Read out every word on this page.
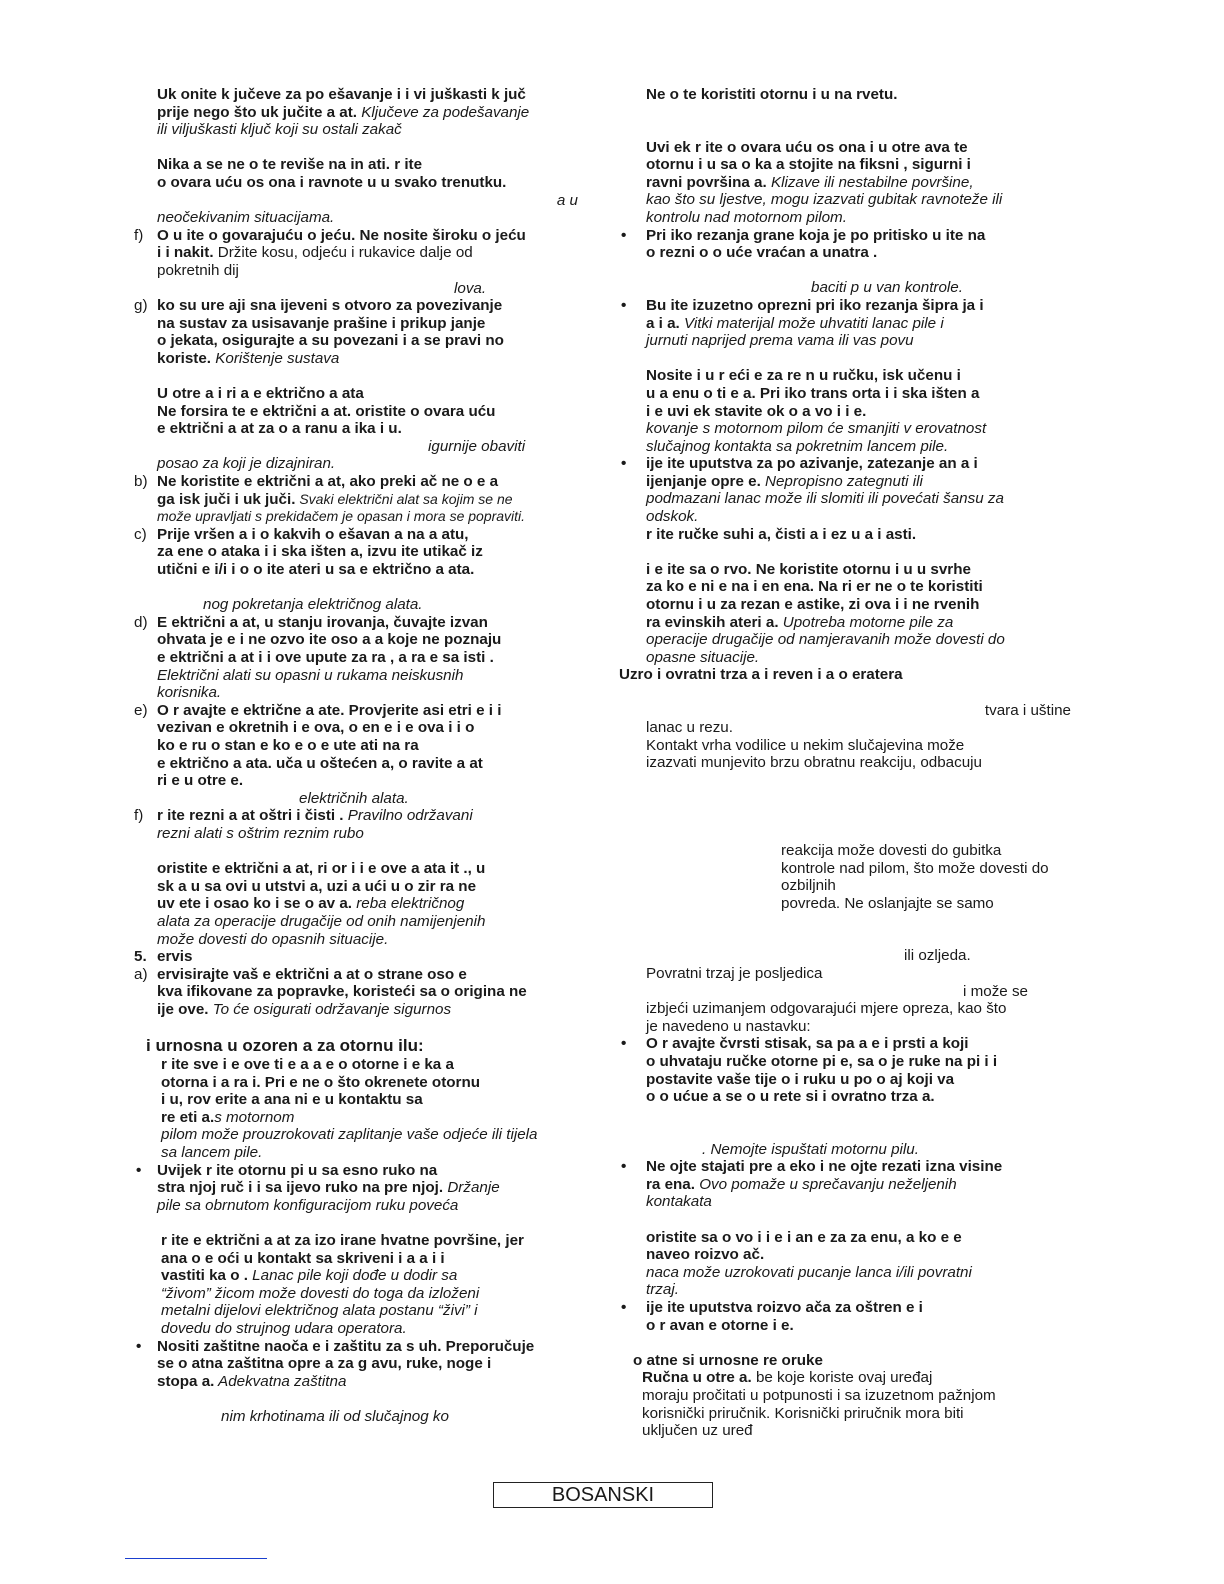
Uk onite k jučeve za po ešavanje i i vi juškasti k juč
prije nego što uk jučite a at. Ključeve za podešavanje
ili viljuškasti ključ koji su ostali zakač
Nika a se ne o te reviše na in ati. r ite
o ovara uću os ona i ravnote u u svako trenutku.
a u
neočekivanim situacijama.
f) O u ite o govarajuću o jeću. Ne nosite široku o jeću
i i nakit. Držite kosu, odjeću i rukavice dalje od
pokretnih dij
lova.
g) ko su ure aji sna ijeveni s otvoro za povezivanje
na sustav za usisavanje prašine i prikup janje
o jekata, osigurajte a su povezani i a se pravi no
koriste. Korištenje sustava
U otre a i ri a e ektrično a ata
Ne forsira te e ektrični a at. oristite o ovara uću
e ektrični a at za o a ranu a ika i u.
igurnije obaviti
posao za koji je dizajniran.
b) Ne koristite e ektrični a at, ako preki ač ne o e a
ga isk juči i uk juči. Svaki električni alat sa kojim se ne
može upravljati s prekidačem je opasan i mora se popraviti.
c) Prije vršen a i o kakvih o ešavan a na a atu,
za ene o ataka i i ska išten a, izvu ite utikač iz
utični e i/i i o o ite ateri u sa e ektrično a ata.
nog pokretanja električnog alata.
d) E ektrični a at, u stanju irovanja, čuvajte izvan
ohvata je e i ne ozvo ite oso a a koje ne poznaju
e ektrični a at i i ove upute za ra , a ra e sa isti .
Električni alati su opasni u rukama neiskusnih
korisnika.
e) O r avajte e ektrične a ate. Provjerite asi etri e i i
vezivan e okretnih i e ova, o en e i e ova i i o
ko e ru o stan e ko e o e ute ati na ra
e ektrično a ata. uča u oštećen a, o ravite a at
ri e u otre e.
električnih alata.
f) r ite rezni a at oštri i čisti . Pravilno održavani
rezni alati s oštrim reznim rubo
oristite e ektrični a at, ri or i i e ove a ata it ., u
sk a u sa ovi u utstvi a, uzi a ući u o zir ra ne
uv ete i osao ko i se o av a. reba električnog
alata za operacije drugačije od onih namijenjenih
može dovesti do opasnih situacije.
5. ervis
a) ervisirajte vaš e ektrični a at o strane oso e
kva ifikovane za popravke, koristeći sa o origina ne
ije ove. To će osigurati održavanje sigurnos
i urnosna u ozoren a za otornu ilu:
r ite sve i e ove ti e a a e o otorne i e ka a
otorna i a ra i. Pri e ne o što okrenete otornu
i u, rov erite a ana ni e u kontaktu sa
re eti a.s motornom
pilom može prouzrokovati zaplitanje vaše odjeće ili tijela
sa lancem pile.
• Uvijek r ite otornu pi u sa esno ruko na
stra njoj ruč i i sa ijevo ruko na pre njoj. Držanje
pile sa obrnutom konfiguracijom ruku poveća
r ite e ektrični a at za izo irane hvatne površine, jer
ana o e oći u kontakt sa skriveni i a a i i
vastiti ka o . Lanac pile koji dođe u dodir sa
“živom” žicom može dovesti do toga da izloženi
metalni dijelovi električnog alata postanu “živi” i
dovedu do strujnog udara operatora.
• Nositi zaštitne naoča e i zaštitu za s uh. Preporučuje
se o atna zaštitna opre a za g avu, ruke, noge i
stopa a. Adekvatna zaštitna
nim krhotinama ili od slučajnog ko
Ne o te koristiti otornu i u na rvetu.
Uvi ek r ite o ovara uću os ona i u otre ava te
otornu i u sa o ka a stojite na fiksni , sigurni i
ravni površina a. Klizave ili nestabilne površine,
kao što su ljestve, mogu izazvati gubitak ravnoteže ili
kontrolu nad motornom pilom.
• Pri iko rezanja grane koja je po pritisko u ite na
o rezni o o uće vraćan a unatra .
baciti p u van kontrole.
• Bu ite izuzetno oprezni pri iko rezanja šipra ja i
a i a. Vitki materijal može uhvatiti lanac pile i
jurnuti naprijed prema vama ili vas povu
Nosite i u r eći e za re n u ručku, isk učenu i
u a enu o ti e a. Pri iko trans orta i i ska išten a
i e uvi ek stavite ok o a vo i i e.
kovanje s motornom pilom će smanjiti v erovatnost
slučajnog kontakta sa pokretnim lancem pile.
• ije ite uputstva za po azivanje, zatezanje an a i
ijenjanje opre e. Nepropisno zategnuti ili
podmazani lanac može ili slomiti ili povećati šansu za
odskok.
r ite ručke suhi a, čisti a i ez u a i asti.
i e ite sa o rvo. Ne koristite otornu i u u svrhe
za ko e ni e na i en ena. Na ri er ne o te koristiti
otornu i u za rezan e astike, zi ova i i ne rvenih
ra evinskih ateri a. Upotreba motorne pile za
operacije drugačije od namjeravanih može dovesti do
opasne situacije.
Uzro i ovratni trza a i reven i a o eratera
tvara i uštine
lanac u rezu.
Kontakt vrha vodilice u nekim slučajevina može
izazvati munjevito brzu obratnu reakciju, odbacuju
reakcija može dovesti do gubitka
kontrole nad pilom, što može dovesti do ozbiljnih
povreda. Ne oslanjajte se samo
ili ozljeda.
Povratni trzaj je posljedica
i može se
izbjeći uzimanjem odgovarajući mjere opreza, kao što
je navedeno u nastavku:
• O r avajte čvrsti stisak, sa pa a e i prsti a koji
o uhvataju ručke otorne pi e, sa o je ruke na pi i i
postavite vaše tije o i ruku u po o aj koji va
o o ućue a se o u rete si i ovratno trza a.
. Nemojte ispuštati motornu pilu.
• Ne ojte stajati pre a eko i ne ojte rezati izna visine
ra ena. Ovo pomaže u sprečavanju neželjenih
kontakata
oristite sa o vo i i e i an e za za enu, a ko e e
naveo roizvo ač.
naca može uzrokovati pucanje lanca i/ili povratni
trzaj.
• ije ite uputstva roizvo ača za oštren e i
o r avan e otorne i e.
o atne si urnosne re oruke
Ručna u otre a. be koje koriste ovaj uređaj
moraju pročitati u potpunosti i sa izuzetnom pažnjom
korisnički priručnik. Korisnički priručnik mora biti
uključen uz uređ
BOSANSKI
